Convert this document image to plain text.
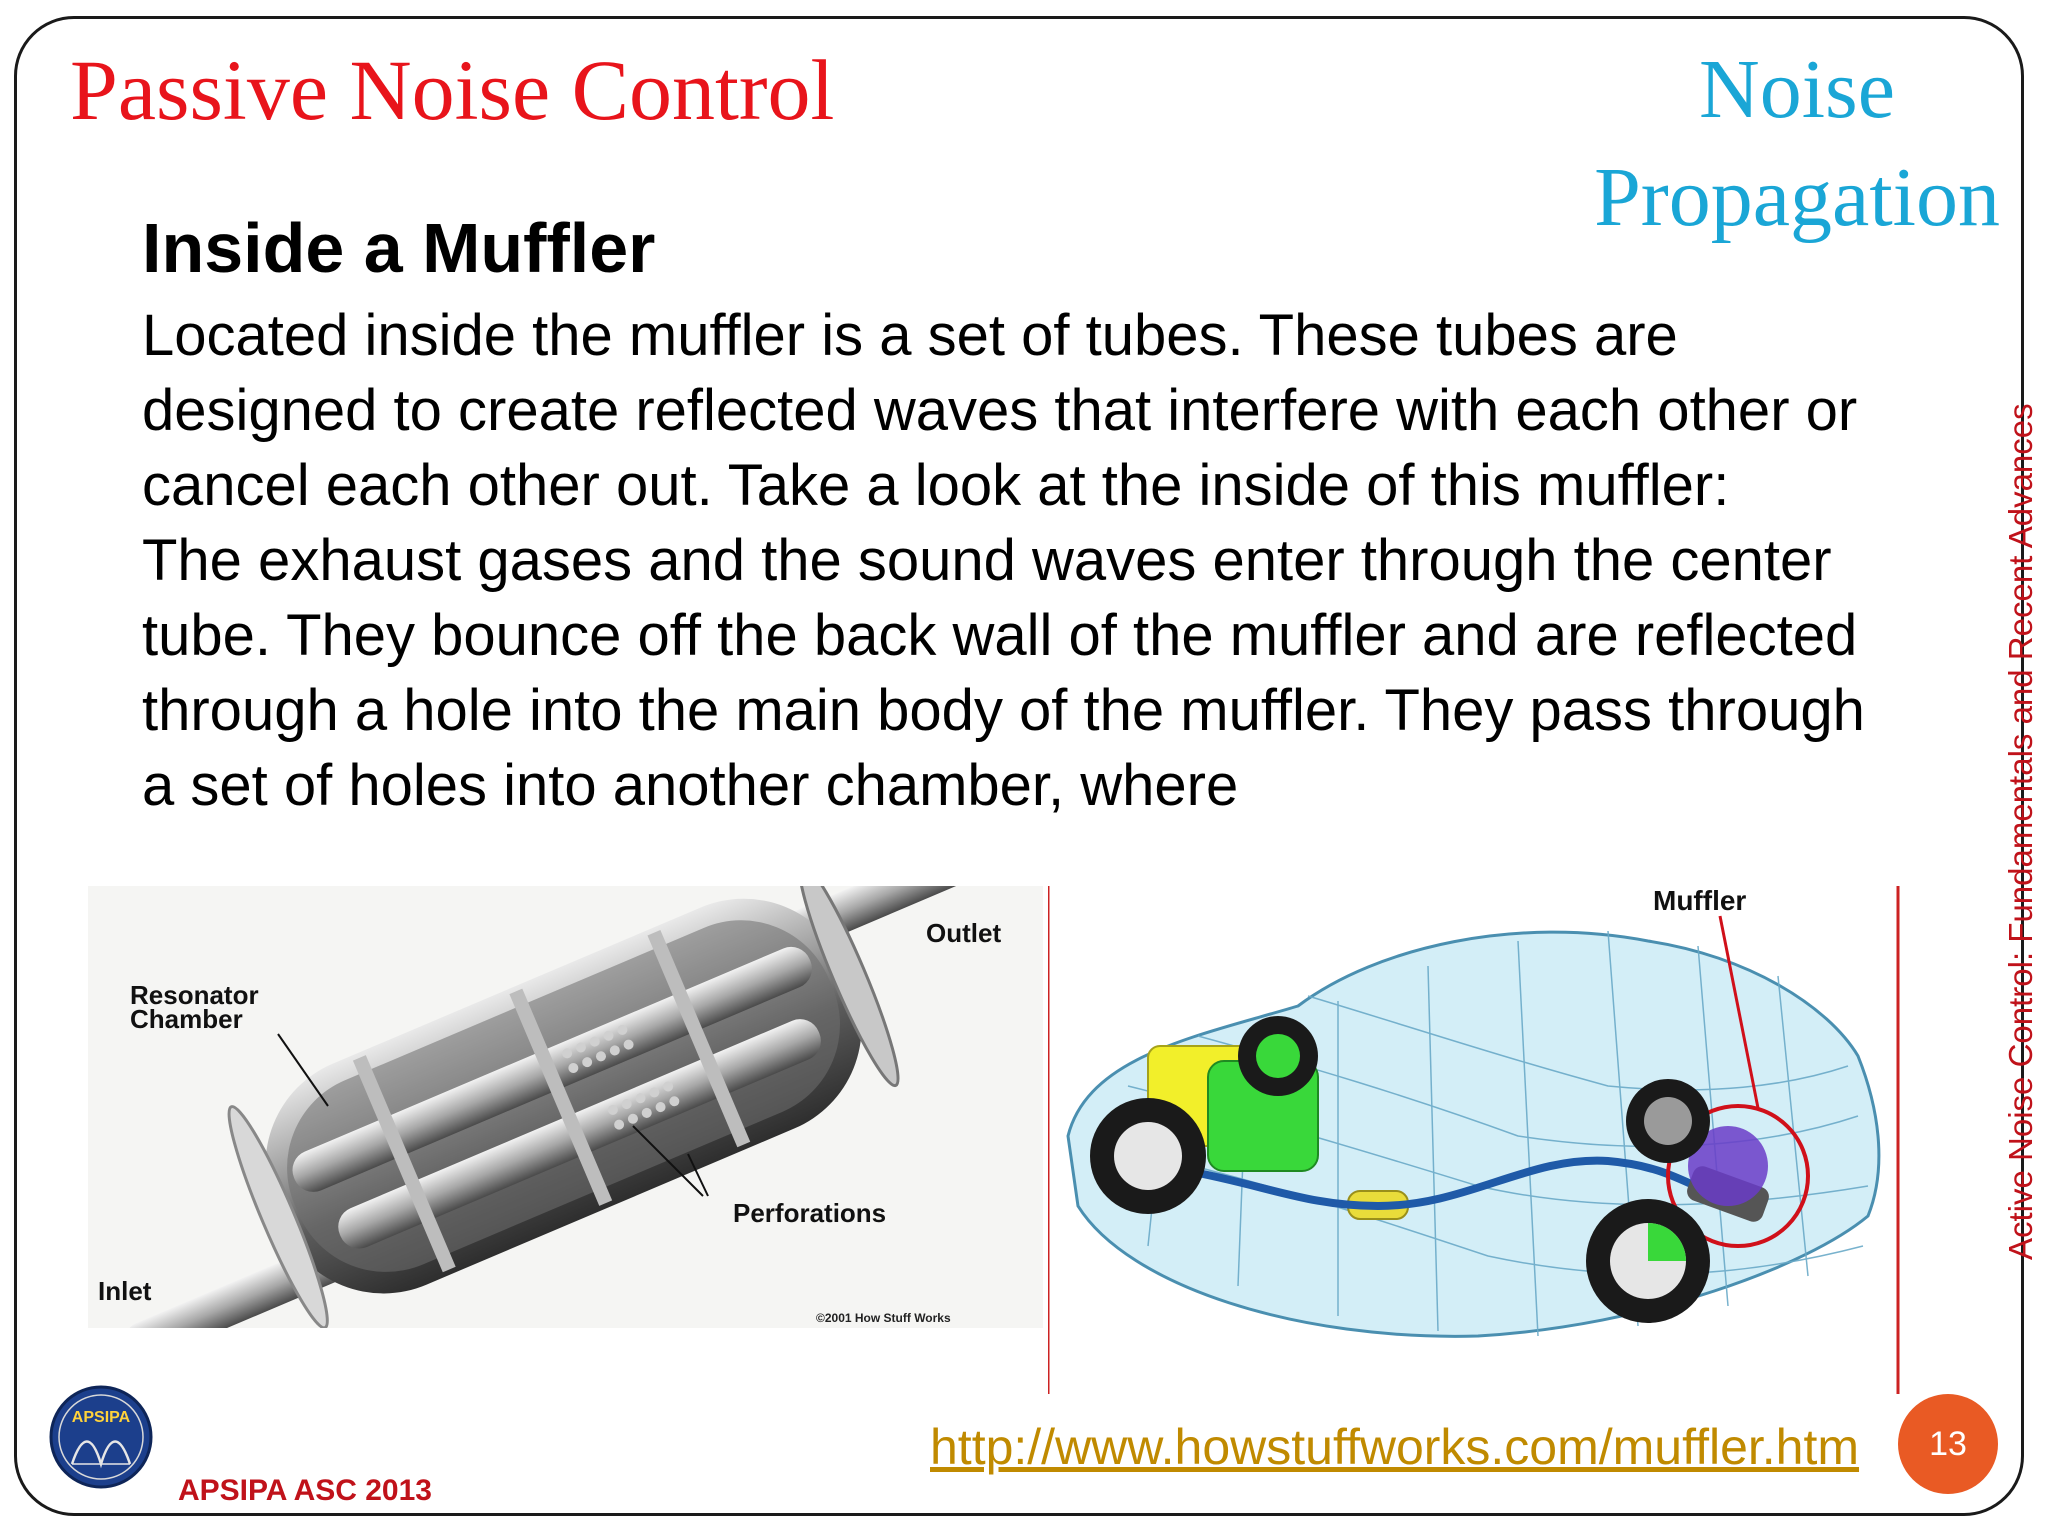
Passive Noise Control	Noise
Propagation
Inside a Muffler

Located inside the muffler is a set of tubes. These tubes are designed to create reflected waves that interfere with each other or cancel each other out. Take a look at the inside of this muffler:

The exhaust gases and the sound waves enter through the center tube. They bounce off the back wall of the muffler and are reflected through a hole into the main body of the muffler. They pass through a set of holes into another chamber, where	Active Noise Control: Fundamentals and Recent Advances
Resonator
Chamber
Outlet
Perforations
Inlet
©2001 How Stuff Works
Muffler
APSIPA
http://www.howstuffworks.com/muffler.htm	13
APSIPA ASC 2013
